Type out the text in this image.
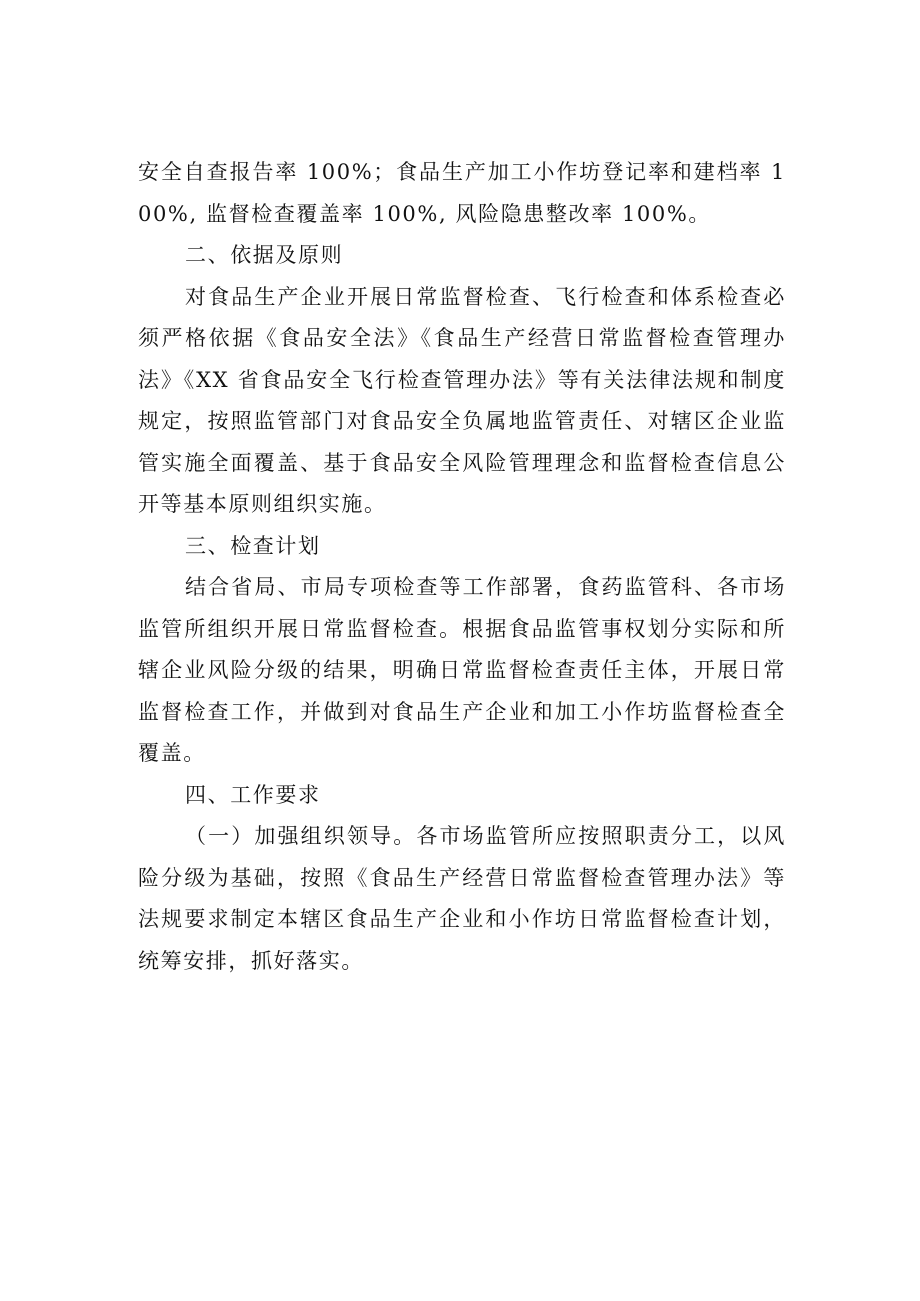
安全自查报告率 100%；食品生产加工小作坊登记率和建档率 100%, 监督检查覆盖率 100%, 风险隐患整改率 100%。

二、依据及原则

对食品生产企业开展日常监督检查、飞行检查和体系检查必须严格依据《食品安全法》《食品生产经营日常监督检查管理办法》《XX 省食品安全飞行检查管理办法》等有关法律法规和制度规定，按照监管部门对食品安全负属地监管责任、对辖区企业监管实施全面覆盖、基于食品安全风险管理理念和监督检查信息公开等基本原则组织实施。

三、检查计划

结合省局、市局专项检查等工作部署，食药监管科、各市场监管所组织开展日常监督检查。根据食品监管事权划分实际和所辖企业风险分级的结果，明确日常监督检查责任主体，开展日常监督检查工作，并做到对食品生产企业和加工小作坊监督检查全覆盖。

四、工作要求

（一）加强组织领导。各市场监管所应按照职责分工，以风险分级为基础，按照《食品生产经营日常监督检查管理办法》等法规要求制定本辖区食品生产企业和小作坊日常监督检查计划，统筹安排，抓好落实。
